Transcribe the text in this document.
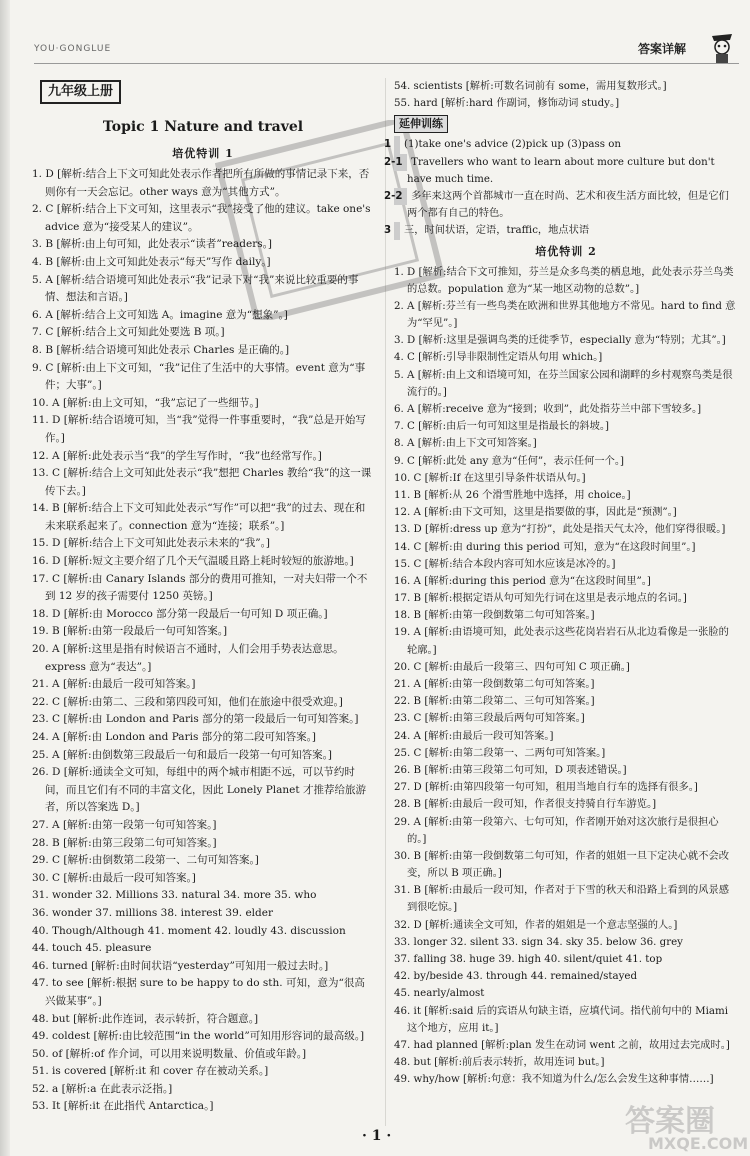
YOU·GONGLUE	答案详解
九年级上册
Topic 1 Nature and travel
培优特训 1

1. D [解析:结合上下文可知此处表示作者把所有所做的事情记录下来，否则你有一天会忘记。other ways 意为“其他方式”。

2. C [解析:结合上下文可知，这里表示“我”接受了他的建议。take one's advice 意为“接受某人的建议”。

3. B [解析:由上句可知，此处表示“读者”readers。]

4. B [解析:由上文可知此处表示“每天”写作 daily。]

5. A [解析:结合语境可知此处表示“我”记录下对“我”来说比较重要的事情、想法和言语。]

6. A [解析:结合上文可知选 A。imagine 意为“想象”。]

7. C [解析:结合上文可知此处要选 B 项。]

8. B [解析:结合语境可知此处表示 Charles 是正确的。]

9. C [解析:由上下文可知，“我”记住了生活中的大事情。event 意为“事件；大事”。]

10. A [解析:由上文可知，“我”忘记了一些细节。]

11. D [解析:结合语境可知，当“我”觉得一件事重要时，“我”总是开始写作。]

12. A [解析:此处表示当“我”的学生写作时，“我”也经常写作。]

13. C [解析:结合上文可知此处表示“我”想把 Charles 教给“我”的这一课传下去。]

14. B [解析:结合上下文可知此处表示“写作”可以把“我”的过去、现在和未来联系起来了。connection 意为“连接；联系”。]

15. D [解析:结合上下文可知此处表示未来的“我”。]

16. D [解析:短文主要介绍了几个天气温暖且路上耗时较短的旅游地。]

17. C [解析:由 Canary Islands 部分的费用可推知，一对夫妇带一个不到 12 岁的孩子需要付 1250 英镑。]

18. D [解析:由 Morocco 部分第一段最后一句可知 D 项正确。]

19. B [解析:由第一段最后一句可知答案。]

20. A [解析:这里是指有时候语言不通时，人们会用手势表达意思。express 意为“表达”。]

21. A [解析:由最后一段可知答案。]

22. C [解析:由第二、三段和第四段可知，他们在旅途中很受欢迎。]

23. C [解析:由 London and Paris 部分的第一段最后一句可知答案。]

24. A [解析:由 London and Paris 部分的第二段可知答案。]

25. A [解析:由倒数第三段最后一句和最后一段第一句可知答案。]

26. D [解析:通读全文可知，每组中的两个城市相距不远，可以节约时间，而且它们有不同的丰富文化，因此 Lonely Planet 才推荐给旅游者，所以答案选 D。]

27. A [解析:由第一段第一句可知答案。]

28. B [解析:由第三段第二句可知答案。]

29. C [解析:由倒数第二段第一、二句可知答案。]

30. C [解析:由最后一段可知答案。]

31. wonder 32. Millions 33. natural 34. more 35. who

36. wonder 37. millions 38. interest 39. elder

40. Though/Although 41. moment 42. loudly 43. discussion

44. touch 45. pleasure

46. turned [解析:由时间状语“yesterday”可知用一般过去时。]

47. to see [解析:根据 sure to be happy to do sth. 可知，意为“很高兴做某事”。]

48. but [解析:此作连词，表示转折，符合题意。]

49. coldest [解析:由比较范围“in the world”可知用形容词的最高级。]

50. of [解析:of 作介词，可以用来说明数量、价值或年龄。]

51. is covered [解析:it 和 cover 存在被动关系。]

52. a [解析:a 在此表示泛指。]

53. It [解析:it 在此指代 Antarctica。]

54. scientists [解析:可数名词前有 some，需用复数形式。]

55. hard [解析:hard 作副词，修饰动词 study。]

延伸训练

1 (1)take one's advice (2)pick up (3)pass on

2-1 Travellers who want to learn about more culture but don't have much time.

2-2 多年来这两个首都城市一直在时尚、艺术和夜生活方面比较，但是它们两个都有自己的特色。

3 三，时间状语，定语，traffic，地点状语

培优特训 2

1. D [解析:结合下文可推知，芬兰是众多鸟类的栖息地，此处表示芬兰鸟类的总数。population 意为“某一地区动物的总数”。]

2. A [解析:芬兰有一些鸟类在欧洲和世界其他地方不常见。hard to find 意为“罕见”。]

3. D [解析:这里是强调鸟类的迁徙季节，especially 意为“特别；尤其”。]

4. C [解析:引导非限制性定语从句用 which。]

5. A [解析:由上文和语境可知，在芬兰国家公园和湖畔的乡村观察鸟类是很流行的。]

6. A [解析:receive 意为“接到；收到”，此处指芬兰中部下雪较多。]

7. C [解析:由后一句可知这里是指最长的斜坡。]

8. A [解析:由上下文可知答案。]

9. C [解析:此处 any 意为“任何”，表示任何一个。]

10. C [解析:If 在这里引导条件状语从句。]

11. B [解析:从 26 个滑雪胜地中选择，用 choice。]

12. A [解析:由下文可知，这里是指要做的事，因此是“预测”。]

13. D [解析:dress up 意为“打扮”，此处是指天气太冷，他们穿得很暖。]

14. C [解析:由 during this period 可知，意为“在这段时间里”。]

15. C [解析:结合本段内容可知水应该是冰冷的。]

16. A [解析:during this period 意为“在这段时间里”。]

17. B [解析:根据定语从句可知先行词在这里是表示地点的名词。]

18. B [解析:由第一段倒数第二句可知答案。]

19. A [解析:由语境可知，此处表示这些花岗岩岩石从北边看像是一张脸的轮廓。]

20. C [解析:由最后一段第三、四句可知 C 项正确。]

21. A [解析:由第一段倒数第二句可知答案。]

22. B [解析:由第二段第二、三句可知答案。]

23. C [解析:由第三段最后两句可知答案。]

24. A [解析:由最后一段可知答案。]

25. C [解析:由第二段第一、二两句可知答案。]

26. B [解析:由第三段第二句可知，D 项表述错误。]

27. D [解析:由第四段第一句可知，租用当地自行车的选择有很多。]

28. B [解析:由最后一段可知，作者很支持骑自行车游览。]

29. A [解析:由第一段第六、七句可知，作者刚开始对这次旅行是很担心的。]

30. B [解析:由第一段倒数第二句可知，作者的姐姐一旦下定决心就不会改变，所以 B 项正确。]

31. B [解析:由最后一段可知，作者对于下雪的秋天和沿路上看到的风景感到很吃惊。]

32. D [解析:通读全文可知，作者的姐姐是一个意志坚强的人。]

33. longer 32. silent 33. sign 34. sky 35. below 36. grey

37. falling 38. huge 39. high 40. silent/quiet 41. top

42. by/beside 43. through 44. remained/stayed

45. nearly/almost

46. it [解析:said 后的宾语从句缺主语，应填代词。指代前句中的 Miami 这个地方，应用 it。]

47. had planned [解析:plan 发生在动词 went 之前，故用过去完成时。]

48. but [解析:前后表示转折，故用连词 but。]

49. why/how [解析:句意：我不知道为什么/怎么会发生这种事情……]

· 1 ·	答案圈
MXQE.COM
